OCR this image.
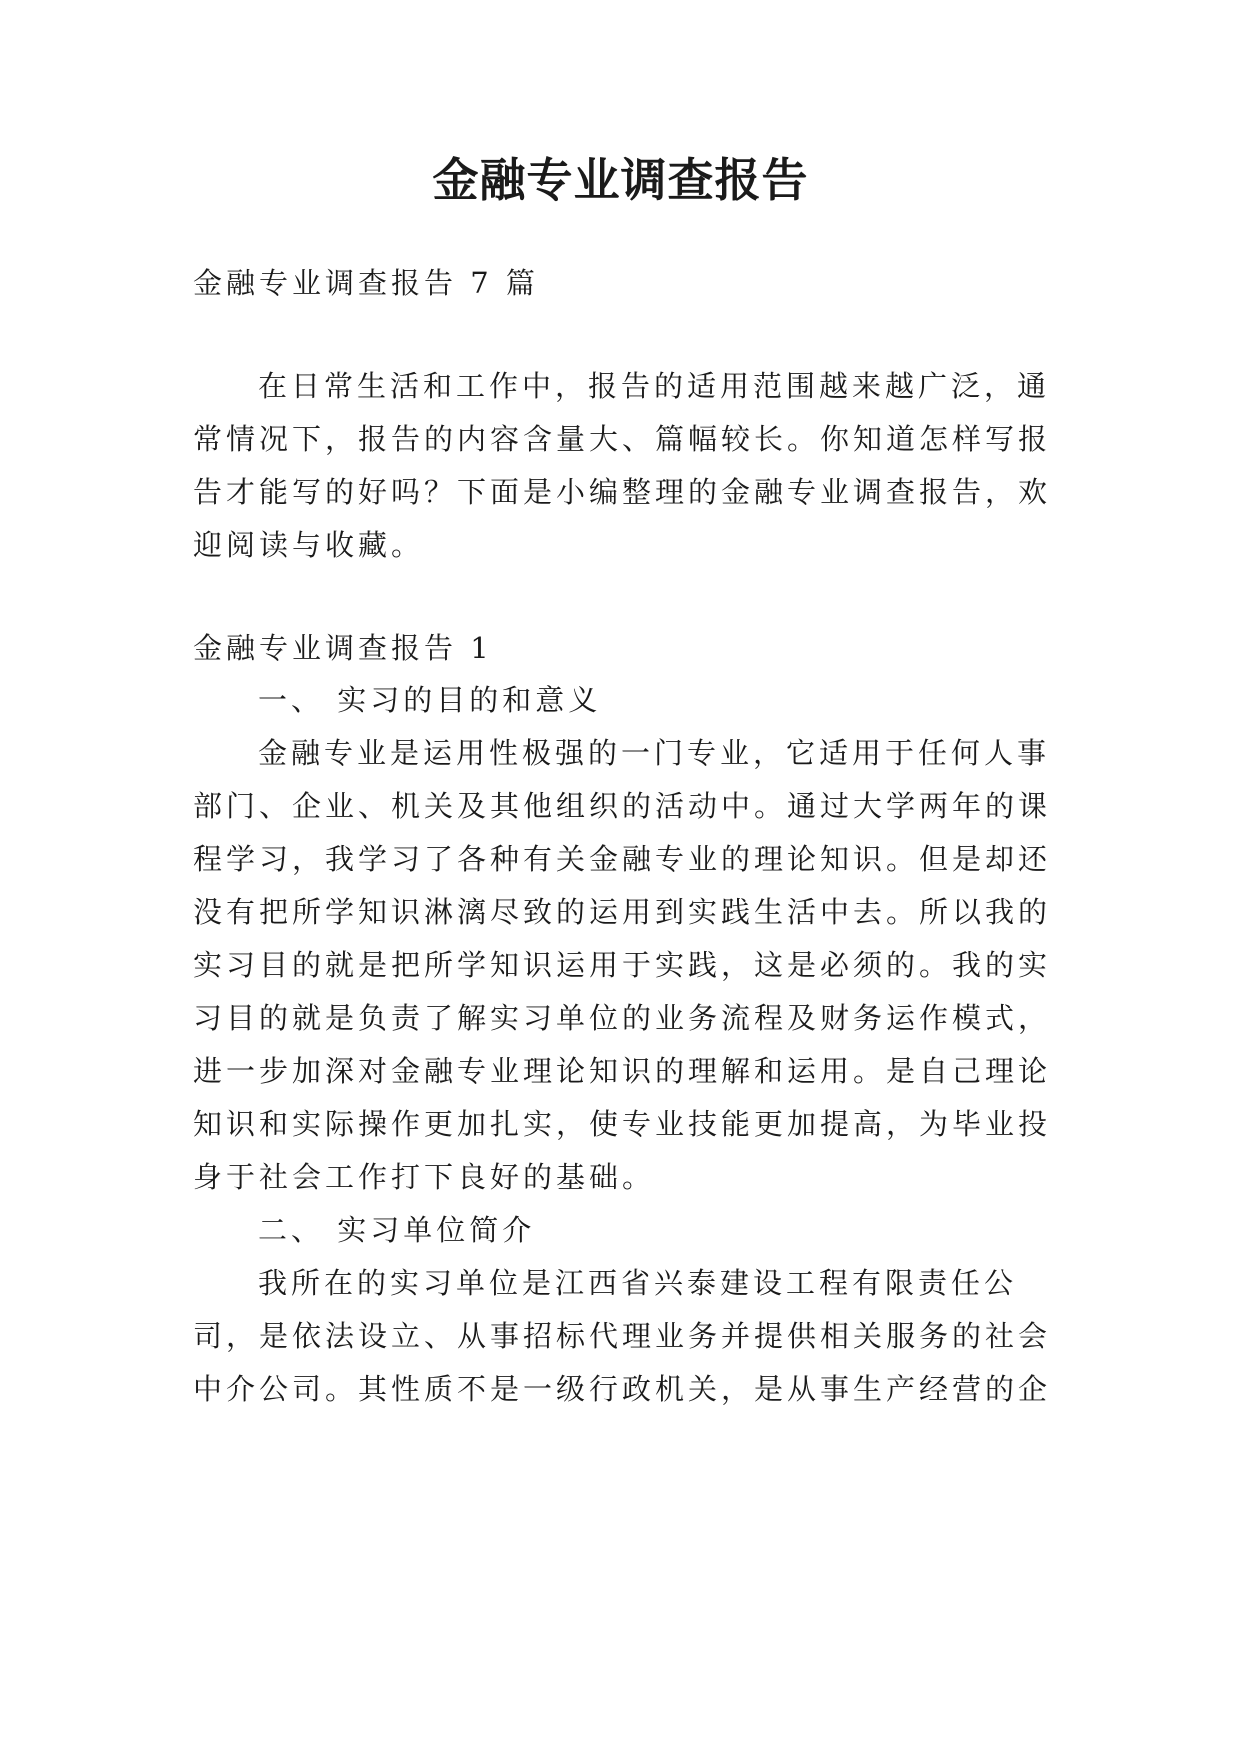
金融专业调查报告
金融专业调查报告 7 篇
在日常生活和工作中，报告的适用范围越来越广泛，通
常情况下，报告的内容含量大、篇幅较长。你知道怎样写报
告才能写的好吗？下面是小编整理的金融专业调查报告，欢
迎阅读与收藏。
金融专业调查报告 1
一、 实习的目的和意义
金融专业是运用性极强的一门专业，它适用于任何人事
部门、企业、机关及其他组织的活动中。通过大学两年的课
程学习，我学习了各种有关金融专业的理论知识。但是却还
没有把所学知识淋漓尽致的运用到实践生活中去。所以我的
实习目的就是把所学知识运用于实践，这是必须的。我的实
习目的就是负责了解实习单位的业务流程及财务运作模式，
进一步加深对金融专业理论知识的理解和运用。是自己理论
知识和实际操作更加扎实，使专业技能更加提高，为毕业投
身于社会工作打下良好的基础。
二、 实习单位简介
我所在的实习单位是江西省兴泰建设工程有限责任公
司，是依法设立、从事招标代理业务并提供相关服务的社会
中介公司。其性质不是一级行政机关，是从事生产经营的企
